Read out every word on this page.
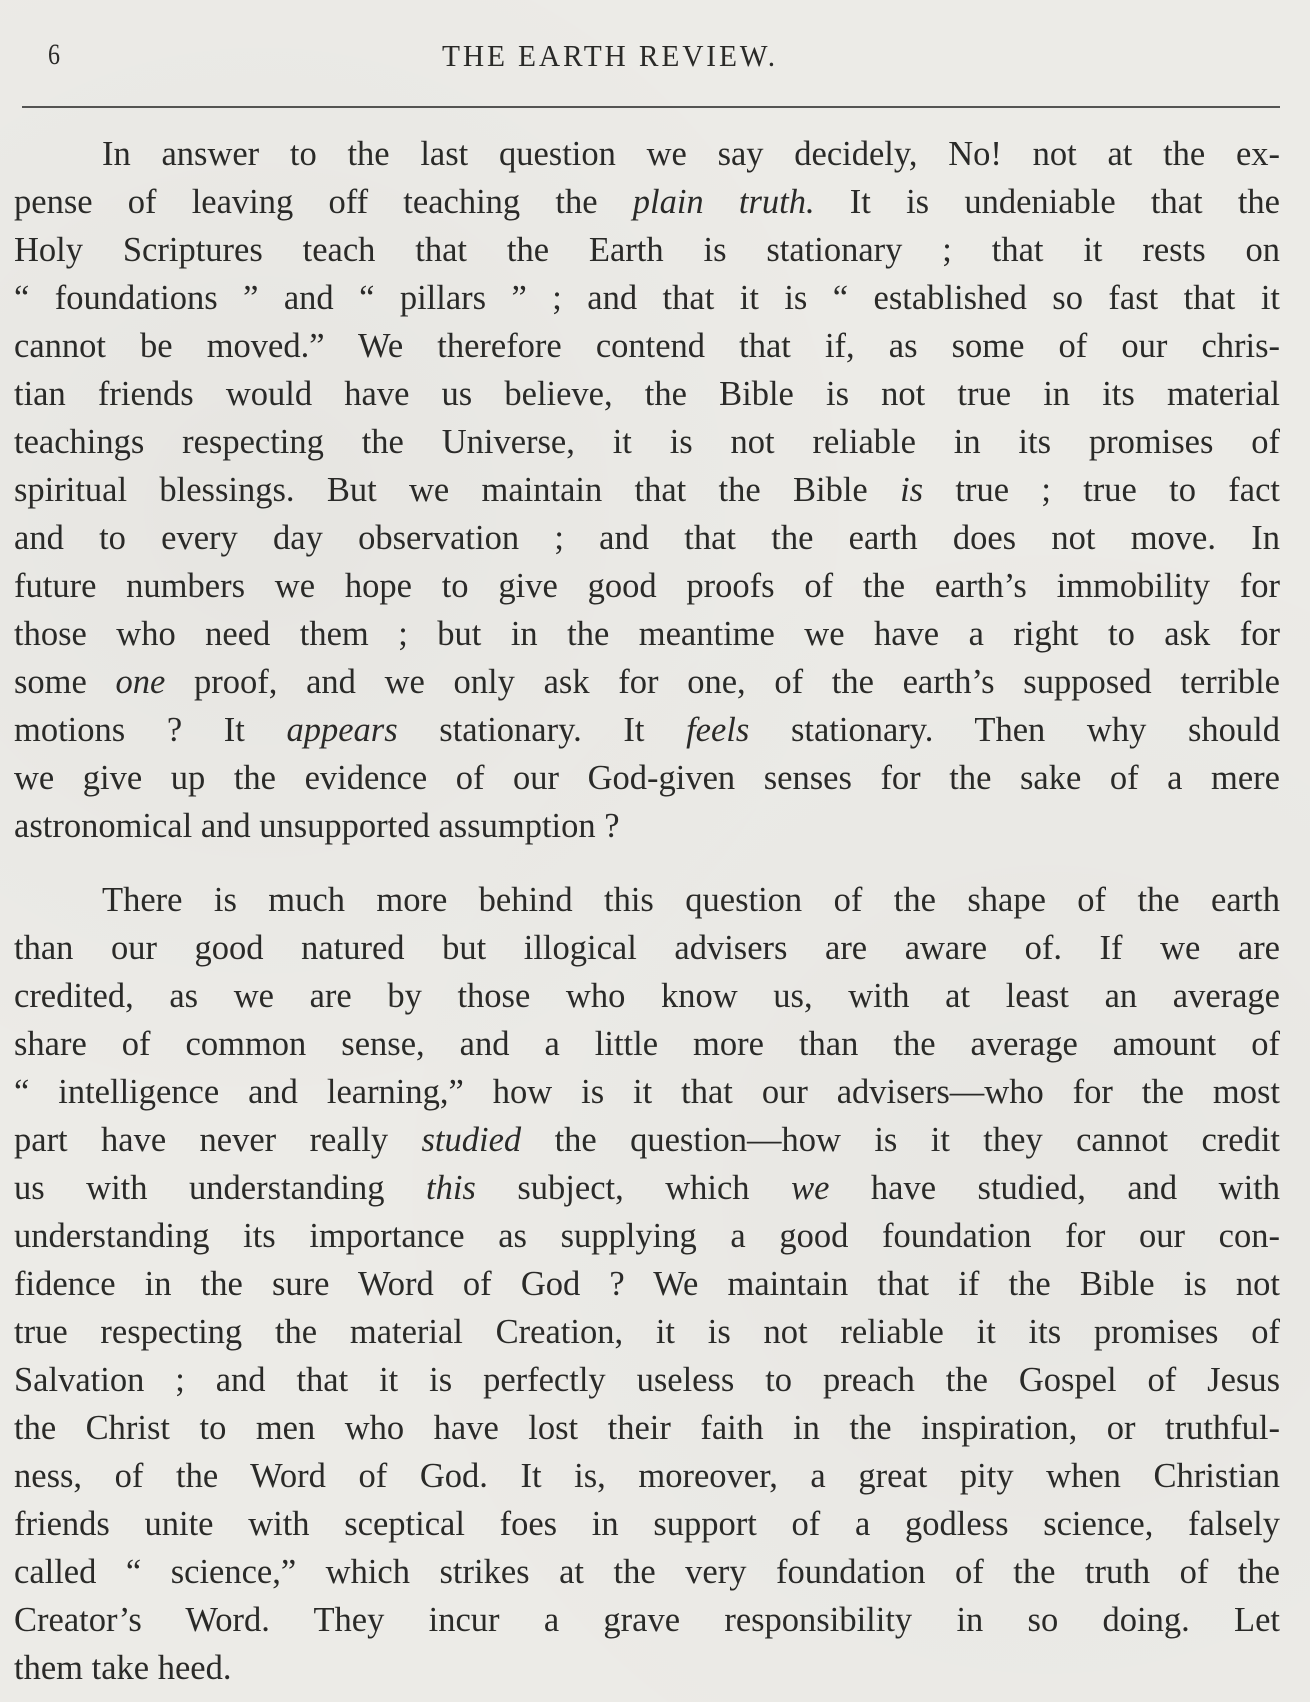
6	THE EARTH REVIEW.
In answer to the last question we say decidely, No! not at the ex-
pense of leaving off teaching the plain truth. It is undeniable that the
Holy Scriptures teach that the Earth is stationary ; that it rests on
“ foundations ” and “ pillars ” ; and that it is “ established so fast that it
cannot be moved.” We therefore contend that if, as some of our chris-
tian friends would have us believe, the Bible is not true in its material
teachings respecting the Universe, it is not reliable in its promises of
spiritual blessings. But we maintain that the Bible is true ; true to fact
and to every day observation ; and that the earth does not move. In
future numbers we hope to give good proofs of the earth’s immobility for
those who need them ; but in the meantime we have a right to ask for
some one proof, and we only ask for one, of the earth’s supposed terrible
motions ? It appears stationary. It feels stationary. Then why should
we give up the evidence of our God-given senses for the sake of a mere
astronomical and unsupported assumption ?
There is much more behind this question of the shape of the earth
than our good natured but illogical advisers are aware of. If we are
credited, as we are by those who know us, with at least an average
share of common sense, and a little more than the average amount of
“ intelligence and learning,” how is it that our advisers—who for the most
part have never really studied the question—how is it they cannot credit
us with understanding this subject, which we have studied, and with
understanding its importance as supplying a good foundation for our con-
fidence in the sure Word of God ? We maintain that if the Bible is not
true respecting the material Creation, it is not reliable it its promises of
Salvation ; and that it is perfectly useless to preach the Gospel of Jesus
the Christ to men who have lost their faith in the inspiration, or truthful-
ness, of the Word of God. It is, moreover, a great pity when Christian
friends unite with sceptical foes in support of a godless science, falsely
called “ science,” which strikes at the very foundation of the truth of the
Creator’s Word. They incur a grave responsibility in so doing. Let
them take heed.
